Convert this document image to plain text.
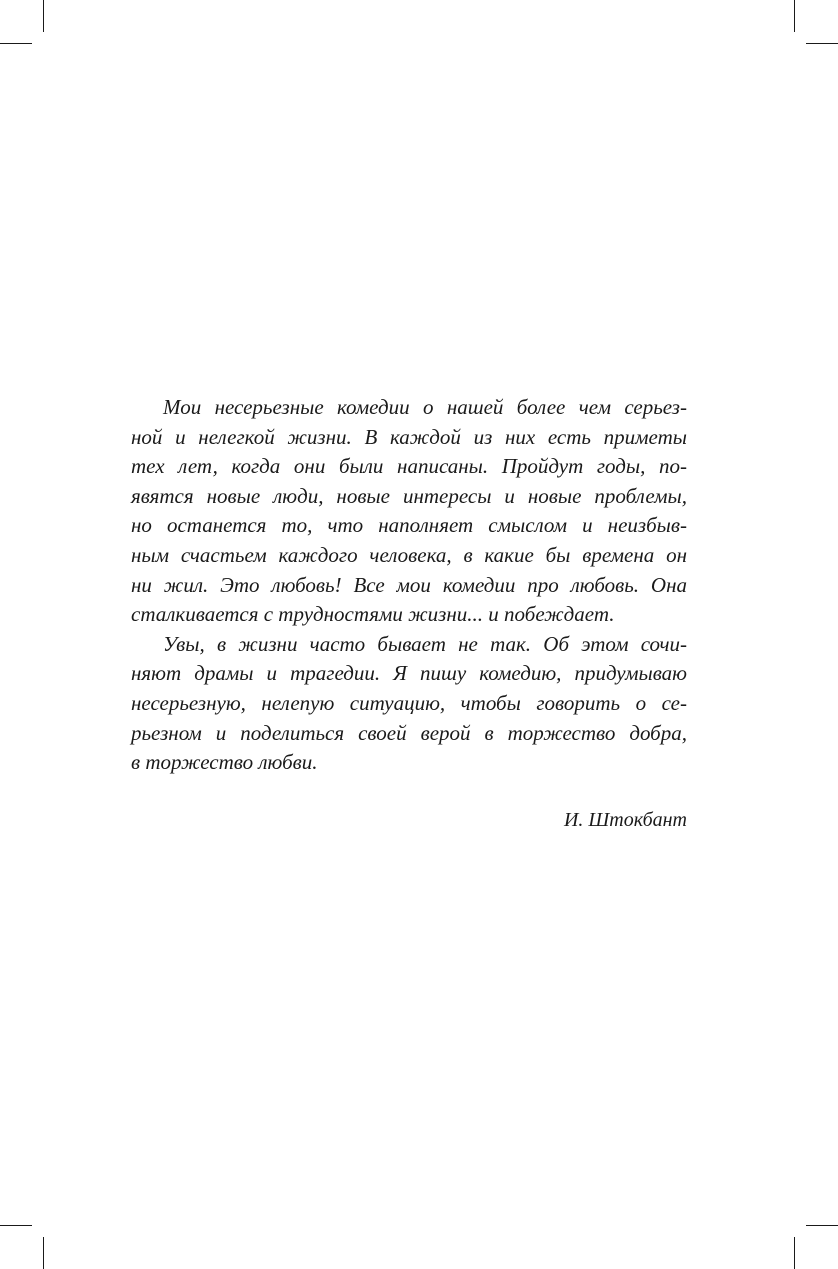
Мои несерьезные комедии о нашей более чем серьез-
ной и нелегкой жизни. В каждой из них есть приметы
тех лет, когда они были написаны. Пройдут годы, по-
явятся новые люди, новые интересы и новые проблемы,
но останется то, что наполняет смыслом и неизбыв-
ным счастьем каждого человека, в какие бы времена он
ни жил. Это любовь! Все мои комедии про любовь. Она
сталкивается с трудностями жизни... и побеждает.
Увы, в жизни часто бывает не так. Об этом сочи-
няют драмы и трагедии. Я пишу комедию, придумываю
несерьезную, нелепую ситуацию, чтобы говорить о се-
рьезном и поделиться своей верой в торжество добра,
в торжество любви.
И. Штокбант
